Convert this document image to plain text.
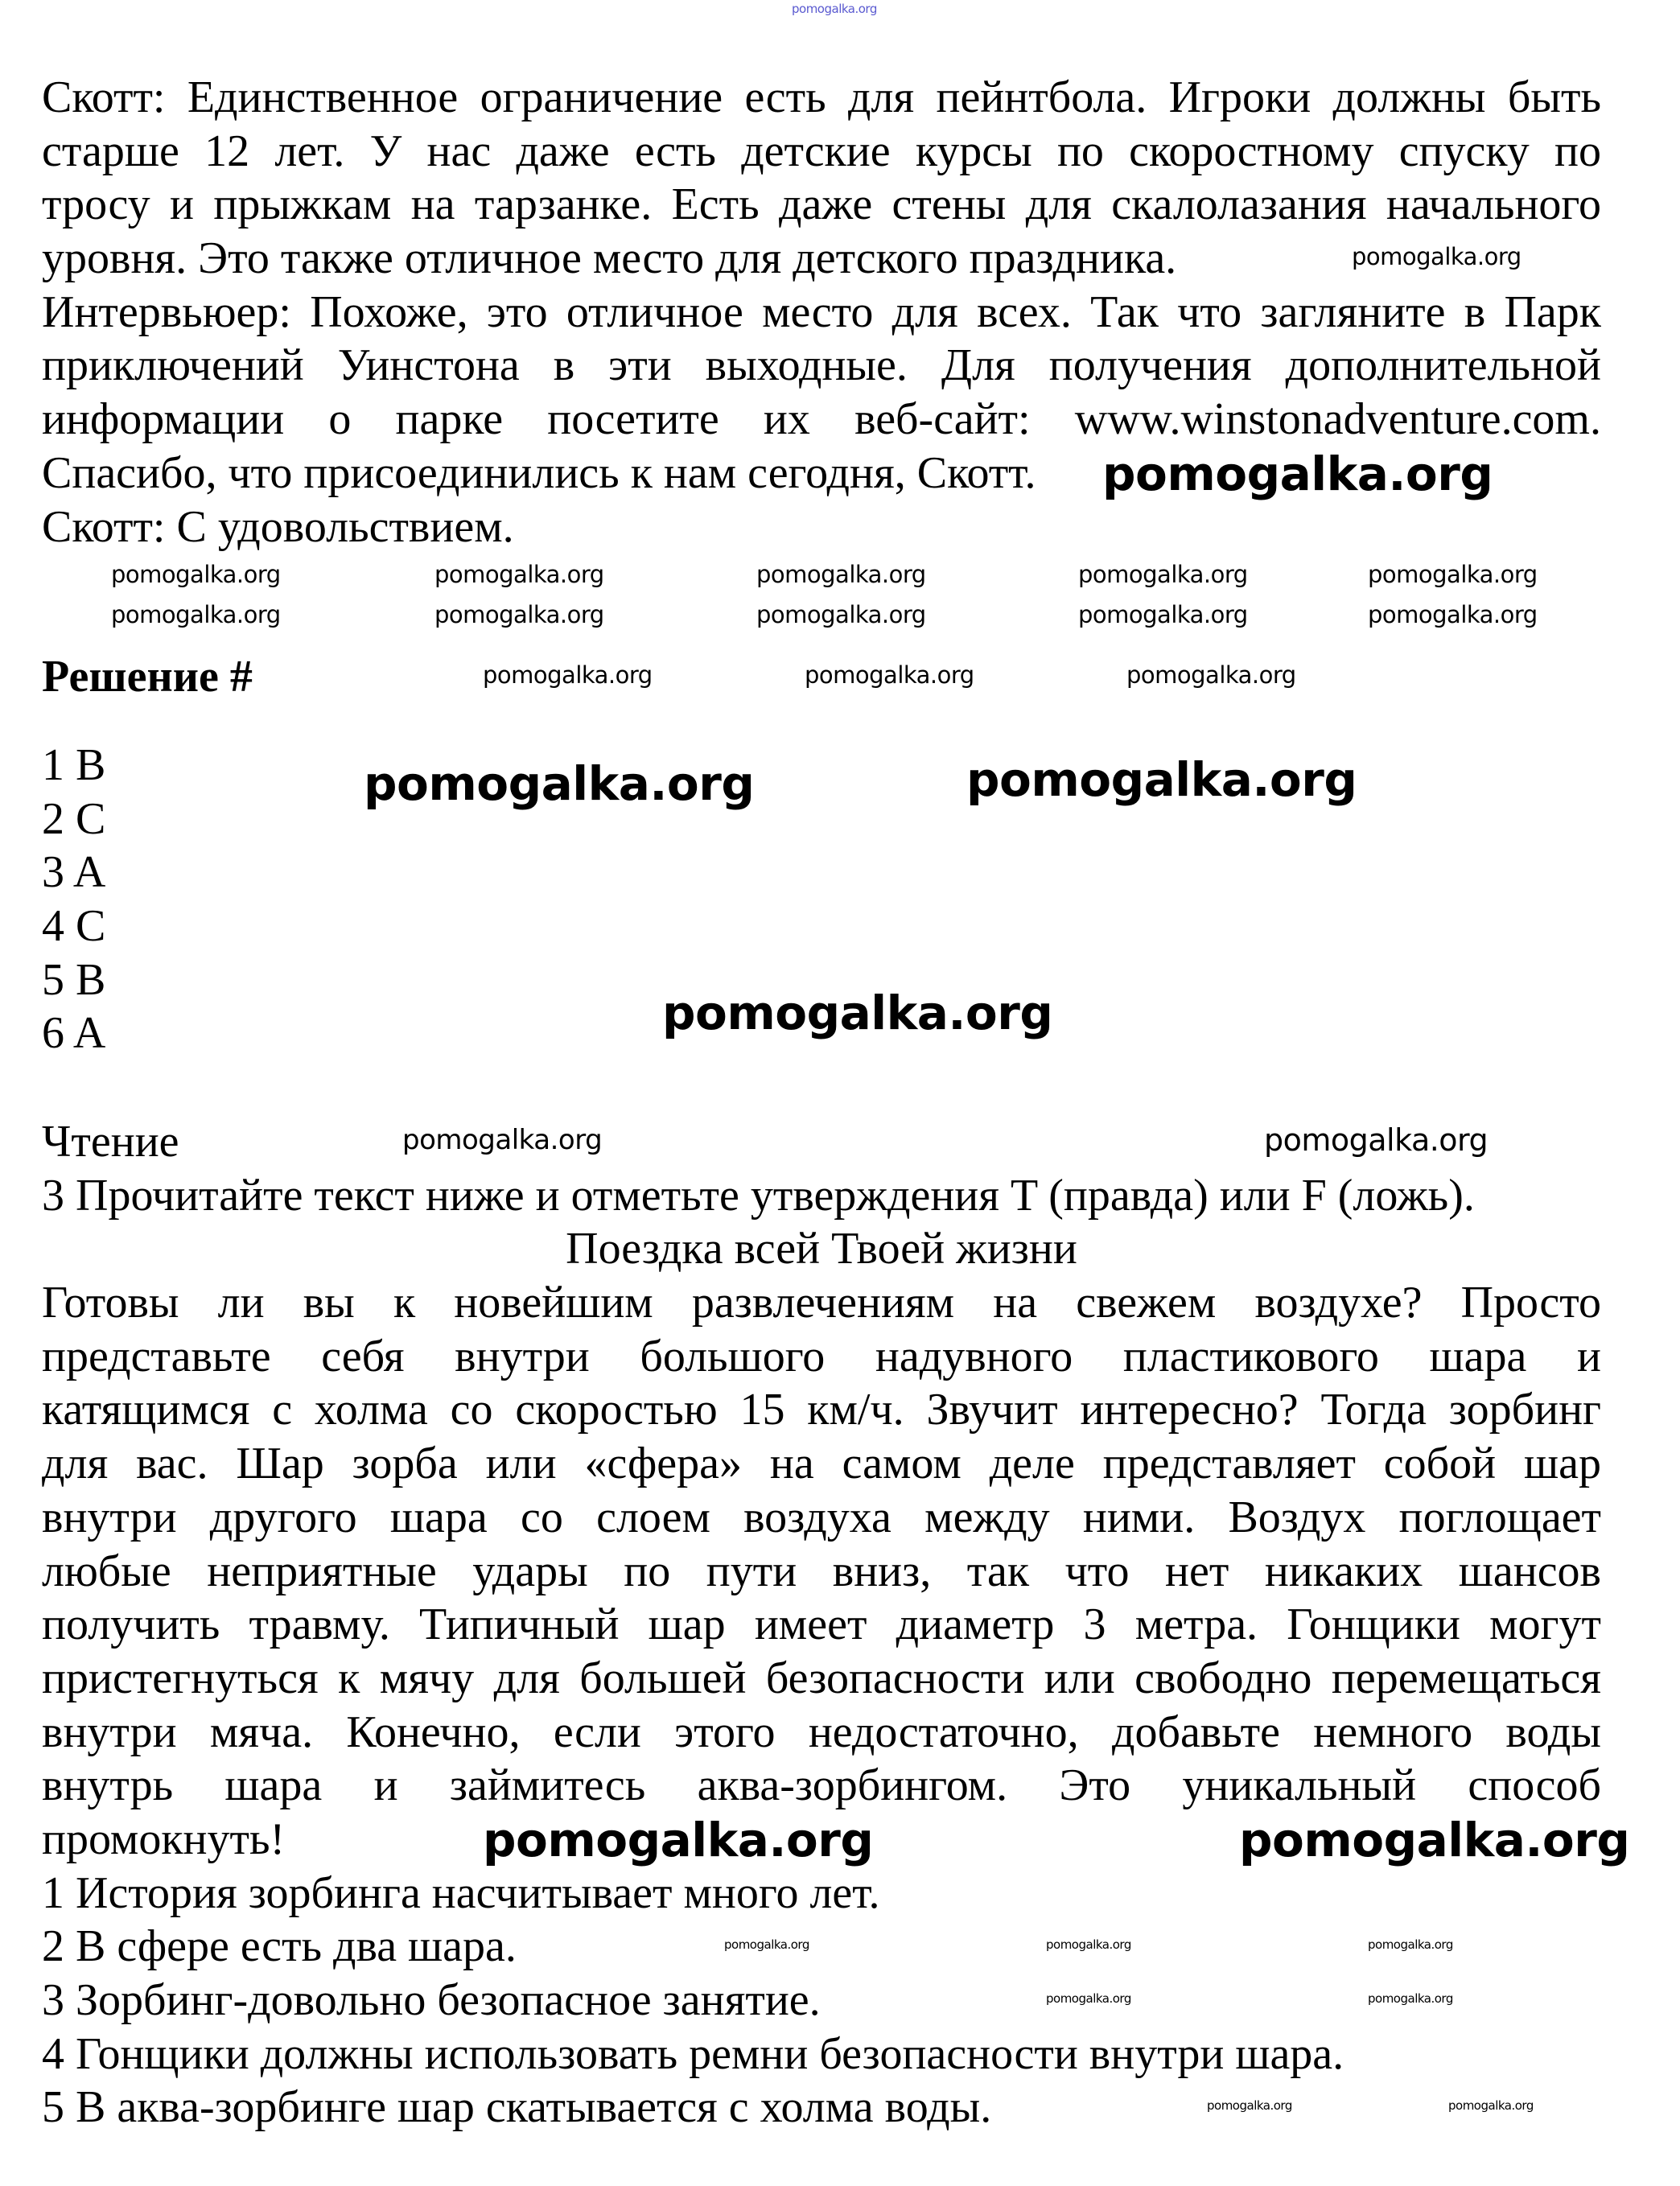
Скотт: Единственное ограничение есть для пейнтбола. Игроки должны быть
старше 12 лет. У нас даже есть детские курсы по скоростному спуску по
тросу и прыжкам на тарзанке. Есть даже стены для скалолазания начального
уровня. Это также отличное место для детского праздника.
Интервьюер: Похоже, это отличное место для всех. Так что загляните в Парк
приключений Уинстона в эти выходные. Для получения дополнительной
информации о парке посетите их веб-сайт: www.winstonadventure.com.
Спасибо, что присоединились к нам сегодня, Скотт.
Скотт: С удовольствием.
Решение #
1 B
2 C
3 A
4 C
5 B
6 A
Чтение
3 Прочитайте текст ниже и отметьте утверждения T (правда) или F (ложь).
Поездка всей Твоей жизни
Готовы ли вы к новейшим развлечениям на свежем воздухе? Просто
представьте себя внутри большого надувного пластикового шара и
катящимся с холма со скоростью 15 км/ч. Звучит интересно? Тогда зорбинг
для вас. Шар зорба или «сфера» на самом деле представляет собой шар
внутри другого шара со слоем воздуха между ними. Воздух поглощает
любые неприятные удары по пути вниз, так что нет никаких шансов
получить травму. Типичный шар имеет диаметр 3 метра. Гонщики могут
пристегнуться к мячу для большей безопасности или свободно перемещаться
внутри мяча. Конечно, если этого недостаточно, добавьте немного воды
внутрь шара и займитесь аква-зорбингом. Это уникальный способ
промокнуть!
1 История зорбинга насчитывает много лет.
2 В сфере есть два шара.
3 Зорбинг-довольно безопасное занятие.
4 Гонщики должны использовать ремни безопасности внутри шара.
5 В аква-зорбинге шар скатывается с холма воды.
pomogalka.org
pomogalka.org
pomogalka.org	pomogalka.org
pomogalka.org
pomogalka.org	pomogalka.org
pomogalka.org	pomogalka.org	pomogalka.org	pomogalka.org	pomogalka.org
pomogalka.org	pomogalka.org	pomogalka.org	pomogalka.org	pomogalka.org
pomogalka.org	pomogalka.org	pomogalka.org
pomogalka.org
pomogalka.org	pomogalka.org
pomogalka.org	pomogalka.org	pomogalka.org
pomogalka.org	pomogalka.org
pomogalka.org	pomogalka.org
